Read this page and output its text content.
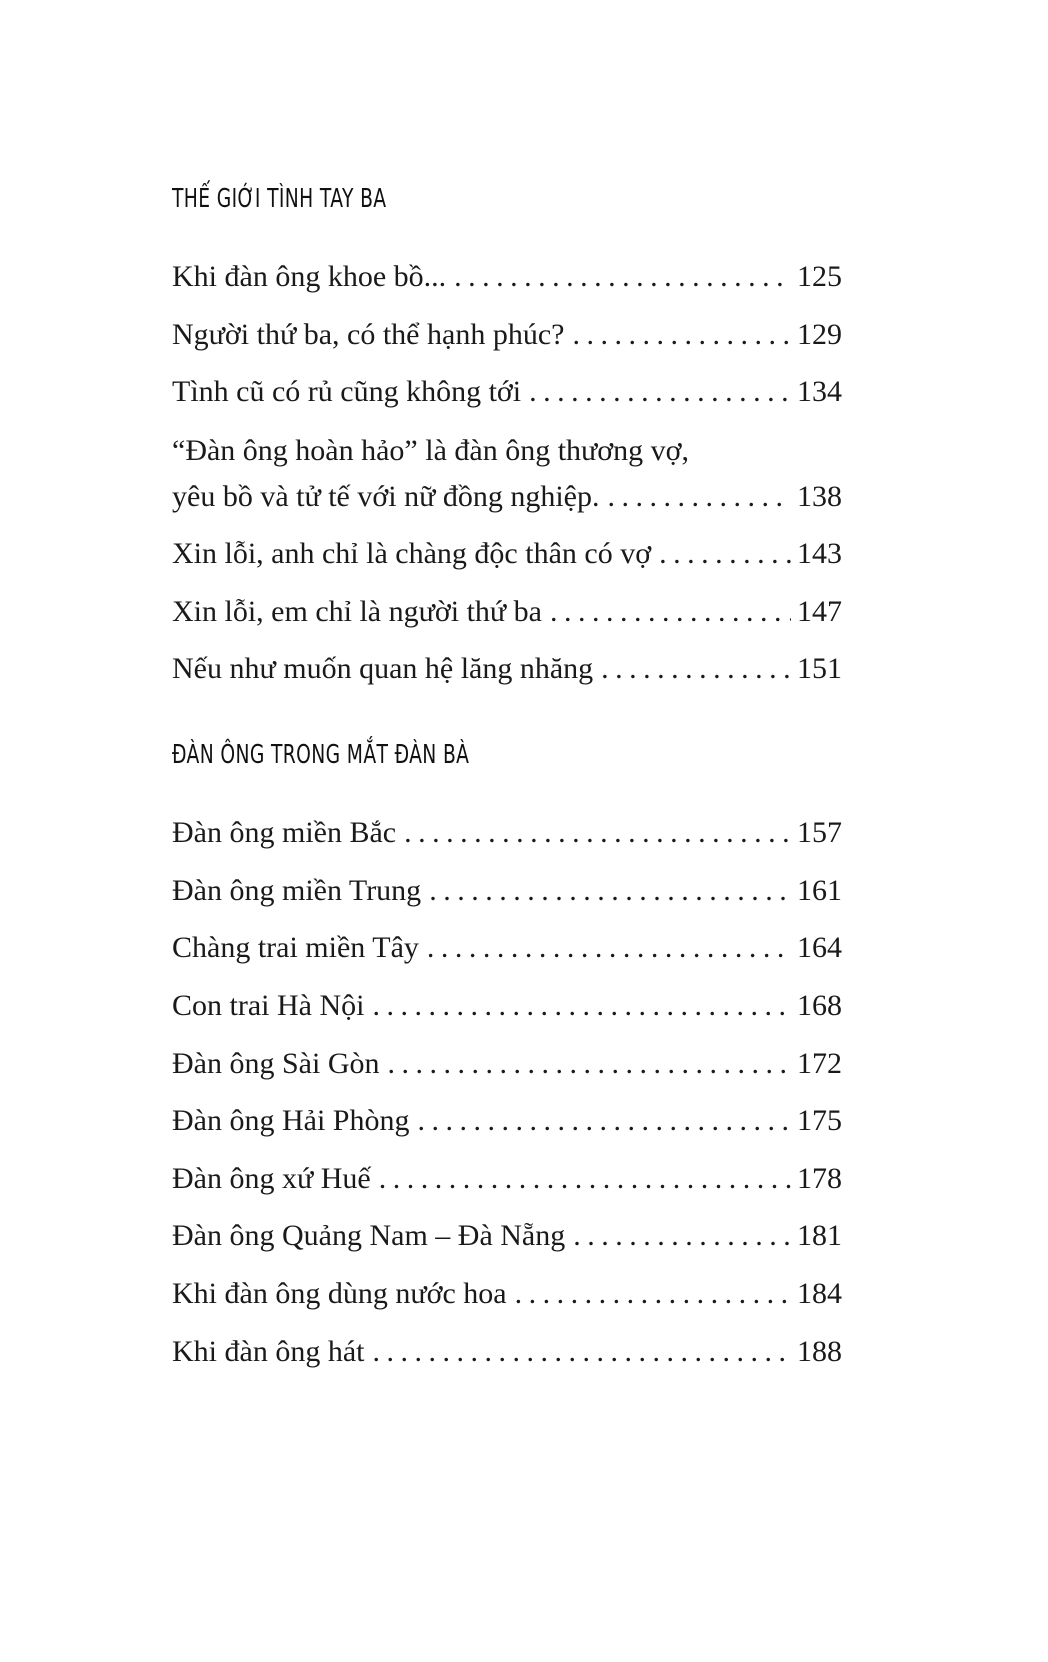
THẾ GIỚI TÌNH TAY BA
Khi đàn ông khoe bồ... . . .	125
Người thứ ba, có thể hạnh phúc? . . .	129
Tình cũ có rủ cũng không tới . . .	134
“Đàn ông hoàn hảo” là đàn ông thương vợ,
yêu bồ và tử tế với nữ đồng nghiệp. . . .	138
Xin lỗi, anh chỉ là chàng độc thân có vợ . . .	143
Xin lỗi, em chỉ là người thứ ba . . .	147
Nếu như muốn quan hệ lăng nhăng . . .	151
ĐÀN ÔNG TRONG MẮT ĐÀN BÀ
Đàn ông miền Bắc . . .	157
Đàn ông miền Trung . . .	161
Chàng trai miền Tây . . .	164
Con trai Hà Nội . . .	168
Đàn ông Sài Gòn . . .	172
Đàn ông Hải Phòng . . .	175
Đàn ông xứ Huế . . .	178
Đàn ông Quảng Nam – Đà Nẵng . . .	181
Khi đàn ông dùng nước hoa . . .	184
Khi đàn ông hát . . .	188
